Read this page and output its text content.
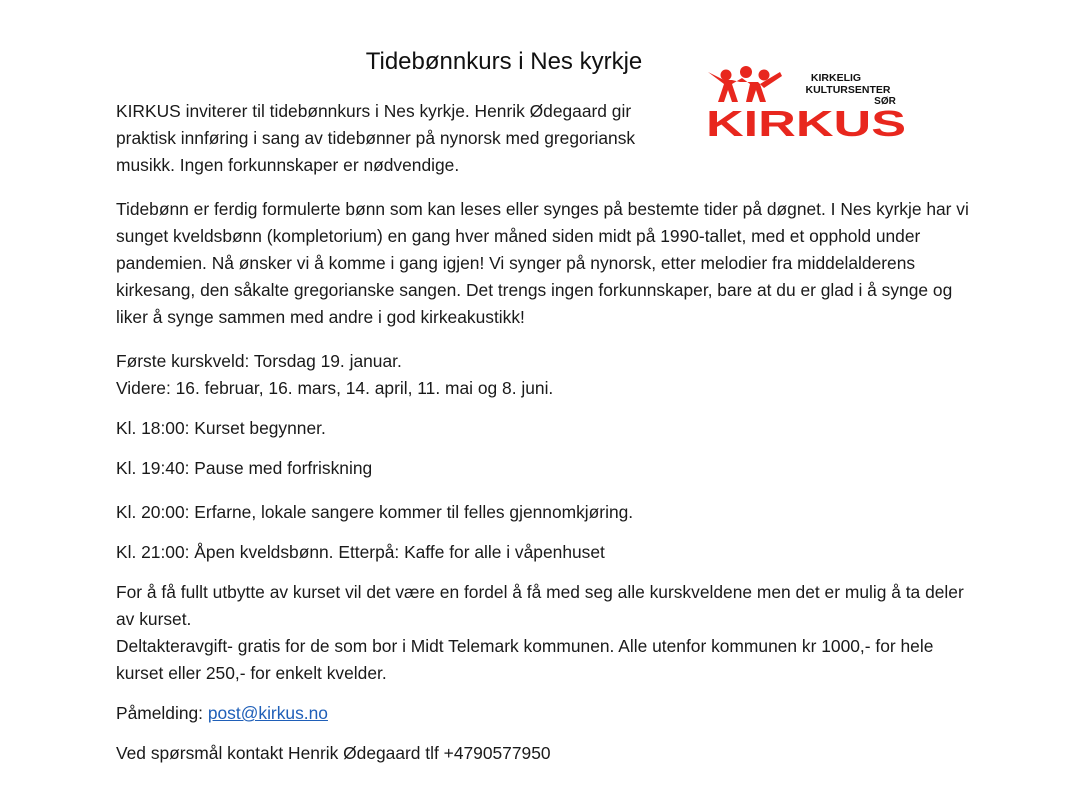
Tidebønnkurs i Nes kyrkje
KIRKELIG
KULTURSENTER
SØR
KIRKUS

KIRKUS inviterer til tidebønnkurs i Nes kyrkje. Henrik Ødegaard gir praktisk innføring i sang av tidebønner på nynorsk med gregoriansk musikk. Ingen forkunnskaper er nødvendige.

Tidebønn er ferdig formulerte bønn som kan leses eller synges på bestemte tider på døgnet. I Nes kyrkje har vi sunget kveldsbønn (kompletorium) en gang hver måned siden midt på 1990-tallet, med et opphold under pandemien. Nå ønsker vi å komme i gang igjen! Vi synger på nynorsk, etter melodier fra middelalderens kirkesang, den såkalte gregorianske sangen. Det trengs ingen forkunnskaper, bare at du er glad i å synge og liker å synge sammen med andre i god kirkeakustikk!

Første kurskveld: Torsdag 19. januar.

Videre: 16. februar, 16. mars, 14. april, 11. mai og 8. juni.

Kl. 18:00: Kurset begynner.

Kl. 19:40: Pause med forfriskning

Kl. 20:00: Erfarne, lokale sangere kommer til felles gjennomkjøring.

Kl. 21:00: Åpen kveldsbønn. Etterpå: Kaffe for alle i våpenhuset

For å få fullt utbytte av kurset vil det være en fordel å få med seg alle kurskveldene men det er mulig å ta deler av kurset.

Deltakteravgift- gratis for de som bor i Midt Telemark kommunen. Alle utenfor kommunen kr 1000,- for hele kurset eller 250,- for enkelt kvelder.

Påmelding: post@kirkus.no

Ved spørsmål kontakt Henrik Ødegaard tlf +4790577950
